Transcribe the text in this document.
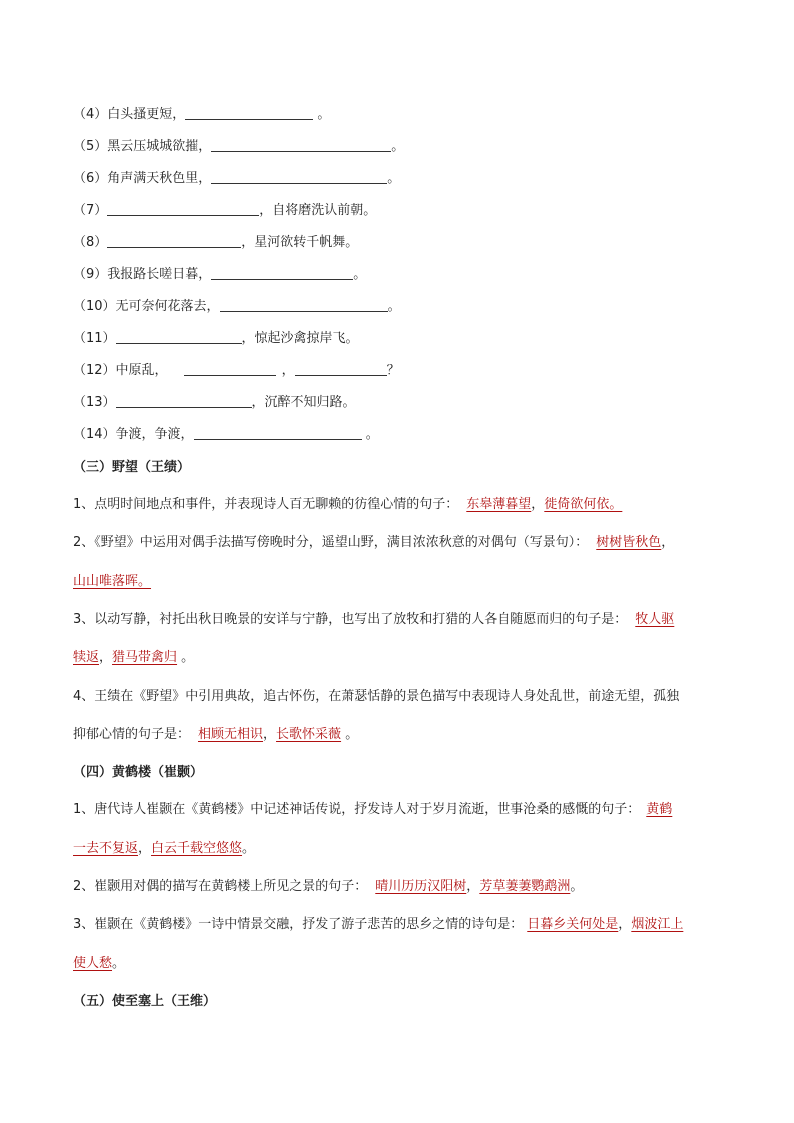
（4）白头搔更短，	。
（5）黑云压城城欲摧，	。
（6）角声满天秋色里，	。
（7）	，自将磨洗认前朝。
（8）	，星河欲转千帆舞。
（9）我报路长嗟日暮，	。
（10）无可奈何花落去，	。
（11）	，惊起沙禽掠岸飞。
（12）中原乱，	，	？
（13）	，沉醉不知归路。
（14）争渡，争渡，	。
（三）野望（王绩）
1、点明时间地点和事件，并表现诗人百无聊赖的彷徨心情的句子： 东皋薄暮望，徙倚欲何依。
2、《野望》中运用对偶手法描写傍晚时分，遥望山野，满目浓浓秋意的对偶句（写景句）： 树树皆秋色，
山山唯落晖。
3、以动写静，衬托出秋日晚景的安详与宁静，也写出了放牧和打猎的人各自随愿而归的句子是： 牧人驱
犊返，猎马带禽归 。
4、王绩在《野望》中引用典故，追古怀伤，在萧瑟恬静的景色描写中表现诗人身处乱世，前途无望，孤独
抑郁心情的句子是： 相顾无相识，长歌怀采薇 。
（四）黄鹤楼（崔颢）
1、唐代诗人崔颢在《黄鹤楼》中记述神话传说，抒发诗人对于岁月流逝，世事沧桑的感慨的句子： 黄鹤
一去不复返，白云千载空悠悠。
2、崔颢用对偶的描写在黄鹤楼上所见之景的句子： 晴川历历汉阳树，芳草萋萋鹦鹉洲。
3、崔颢在《黄鹤楼》一诗中情景交融，抒发了游子悲苦的思乡之情的诗句是： 日暮乡关何处是，烟波江上
使人愁。
（五）使至塞上（王维）
